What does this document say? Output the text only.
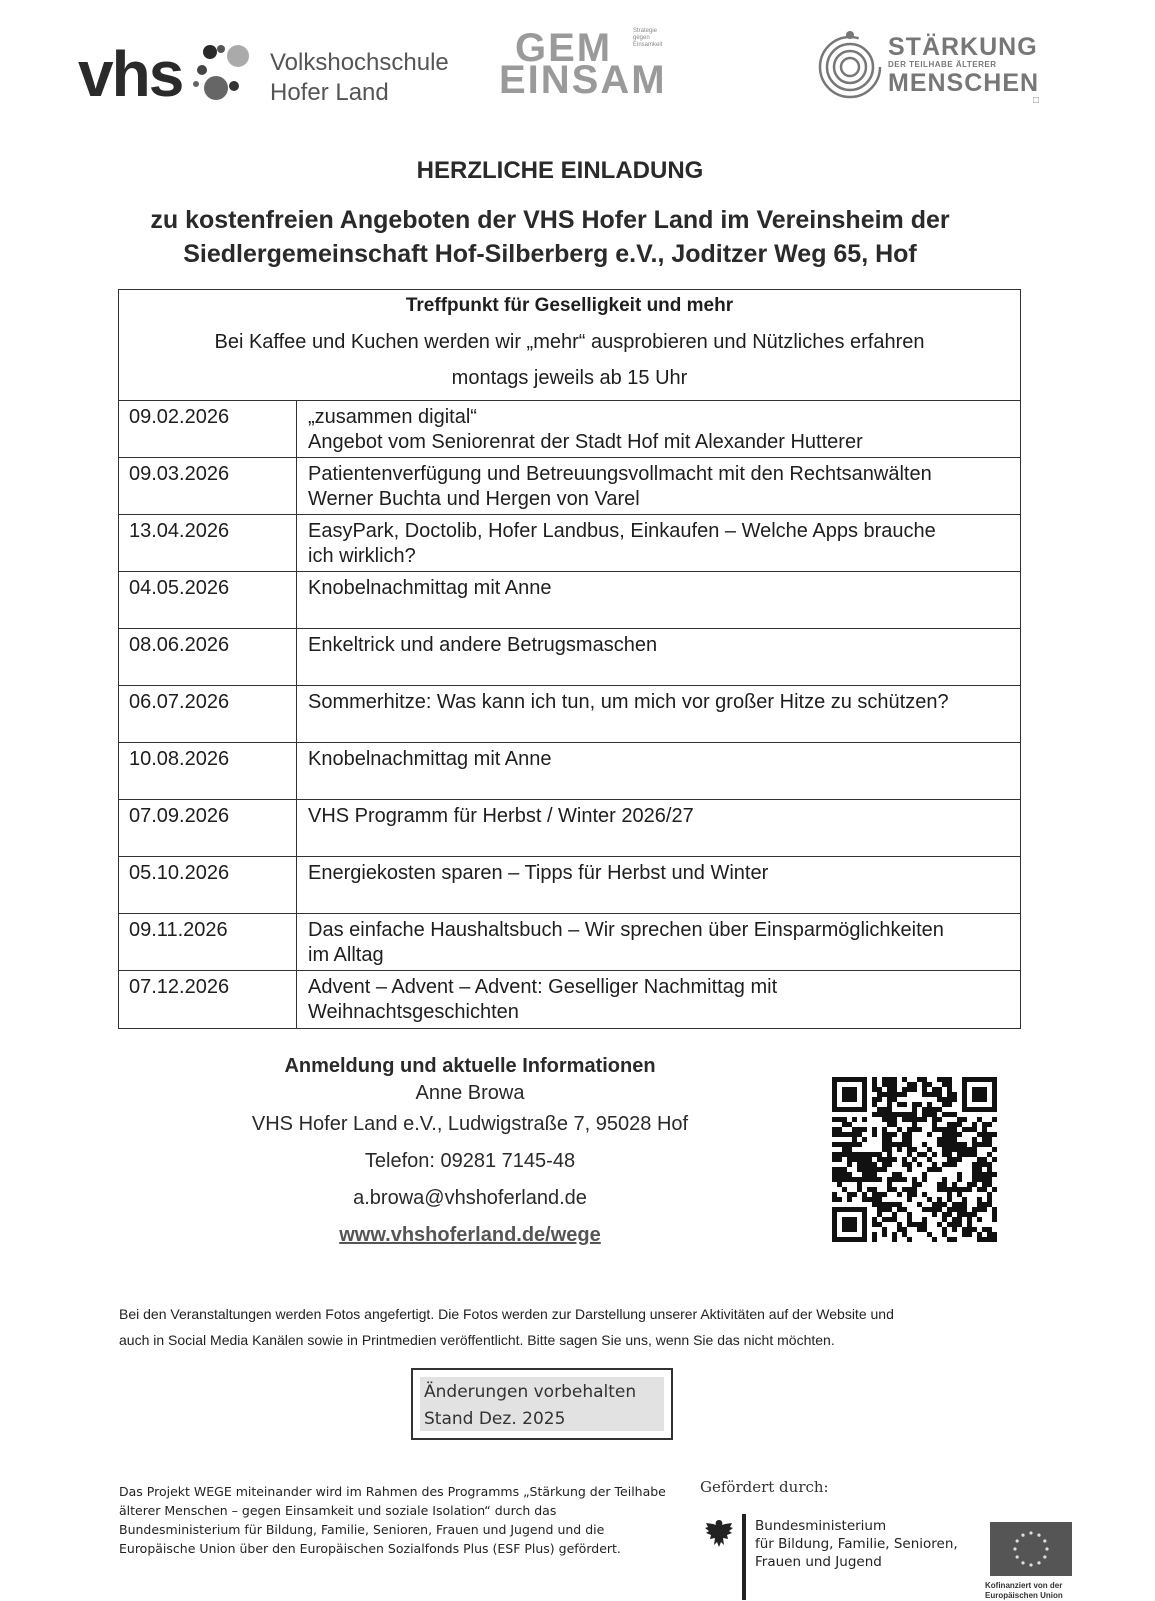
vhs	Volkshochschule
Hofer Land
GEM
EINSAM
Strategie
gegen
Einsamkeit	STÄRKUNG
DER TEILHABE ÄLTERER
MENSCHEN
□
HERZLICHE EINLADUNG
zu kostenfreien Angeboten der VHS Hofer Land im Vereinsheim der
Siedlergemeinschaft Hof-Silberberg e.V., Joditzer Weg 65, Hof
Treffpunkt für Geselligkeit und mehr
Bei Kaffee und Kuchen werden wir „mehr“ ausprobieren und Nützliches erfahren
montags jeweils ab 15 Uhr
09.02.2026	„zusammen digital“
Angebot vom Seniorenrat der Stadt Hof mit Alexander Hutterer
09.03.2026	Patientenverfügung und Betreuungsvollmacht mit den Rechtsanwälten
Werner Buchta und Hergen von Varel
13.04.2026	EasyPark, Doctolib, Hofer Landbus, Einkaufen – Welche Apps brauche
ich wirklich?
04.05.2026	Knobelnachmittag mit Anne
08.06.2026	Enkeltrick und andere Betrugsmaschen
06.07.2026	Sommerhitze: Was kann ich tun, um mich vor großer Hitze zu schützen?
10.08.2026	Knobelnachmittag mit Anne
07.09.2026	VHS Programm für Herbst / Winter 2026/27
05.10.2026	Energiekosten sparen – Tipps für Herbst und Winter
09.11.2026	Das einfache Haushaltsbuch – Wir sprechen über Einsparmöglichkeiten
im Alltag
07.12.2026	Advent – Advent – Advent: Geselliger Nachmittag mit
Weihnachtsgeschichten
Anmeldung und aktuelle Informationen
Anne Browa
VHS Hofer Land e.V., Ludwigstraße 7, 95028 Hof
Telefon: 09281 7145-48
a.browa@vhshoferland.de
www.vhshoferland.de/wege
Bei den Veranstaltungen werden Fotos angefertigt. Die Fotos werden zur Darstellung unserer Aktivitäten auf der Website und
auch in Social Media Kanälen sowie in Printmedien veröffentlicht. Bitte sagen Sie uns, wenn Sie das nicht möchten.
Änderungen vorbehalten
Stand Dez. 2025
Das Projekt WEGE miteinander wird im Rahmen des Programms „Stärkung der Teilhabe
älterer Menschen – gegen Einsamkeit und soziale Isolation“ durch das
Bundesministerium für Bildung, Familie, Senioren, Frauen und Jugend und die
Europäische Union über den Europäischen Sozialfonds Plus (ESF Plus) gefördert.
Gefördert durch:
Bundesministerium
für Bildung, Familie, Senioren,
Frauen und Jugend
Kofinanziert von der
Europäischen Union
